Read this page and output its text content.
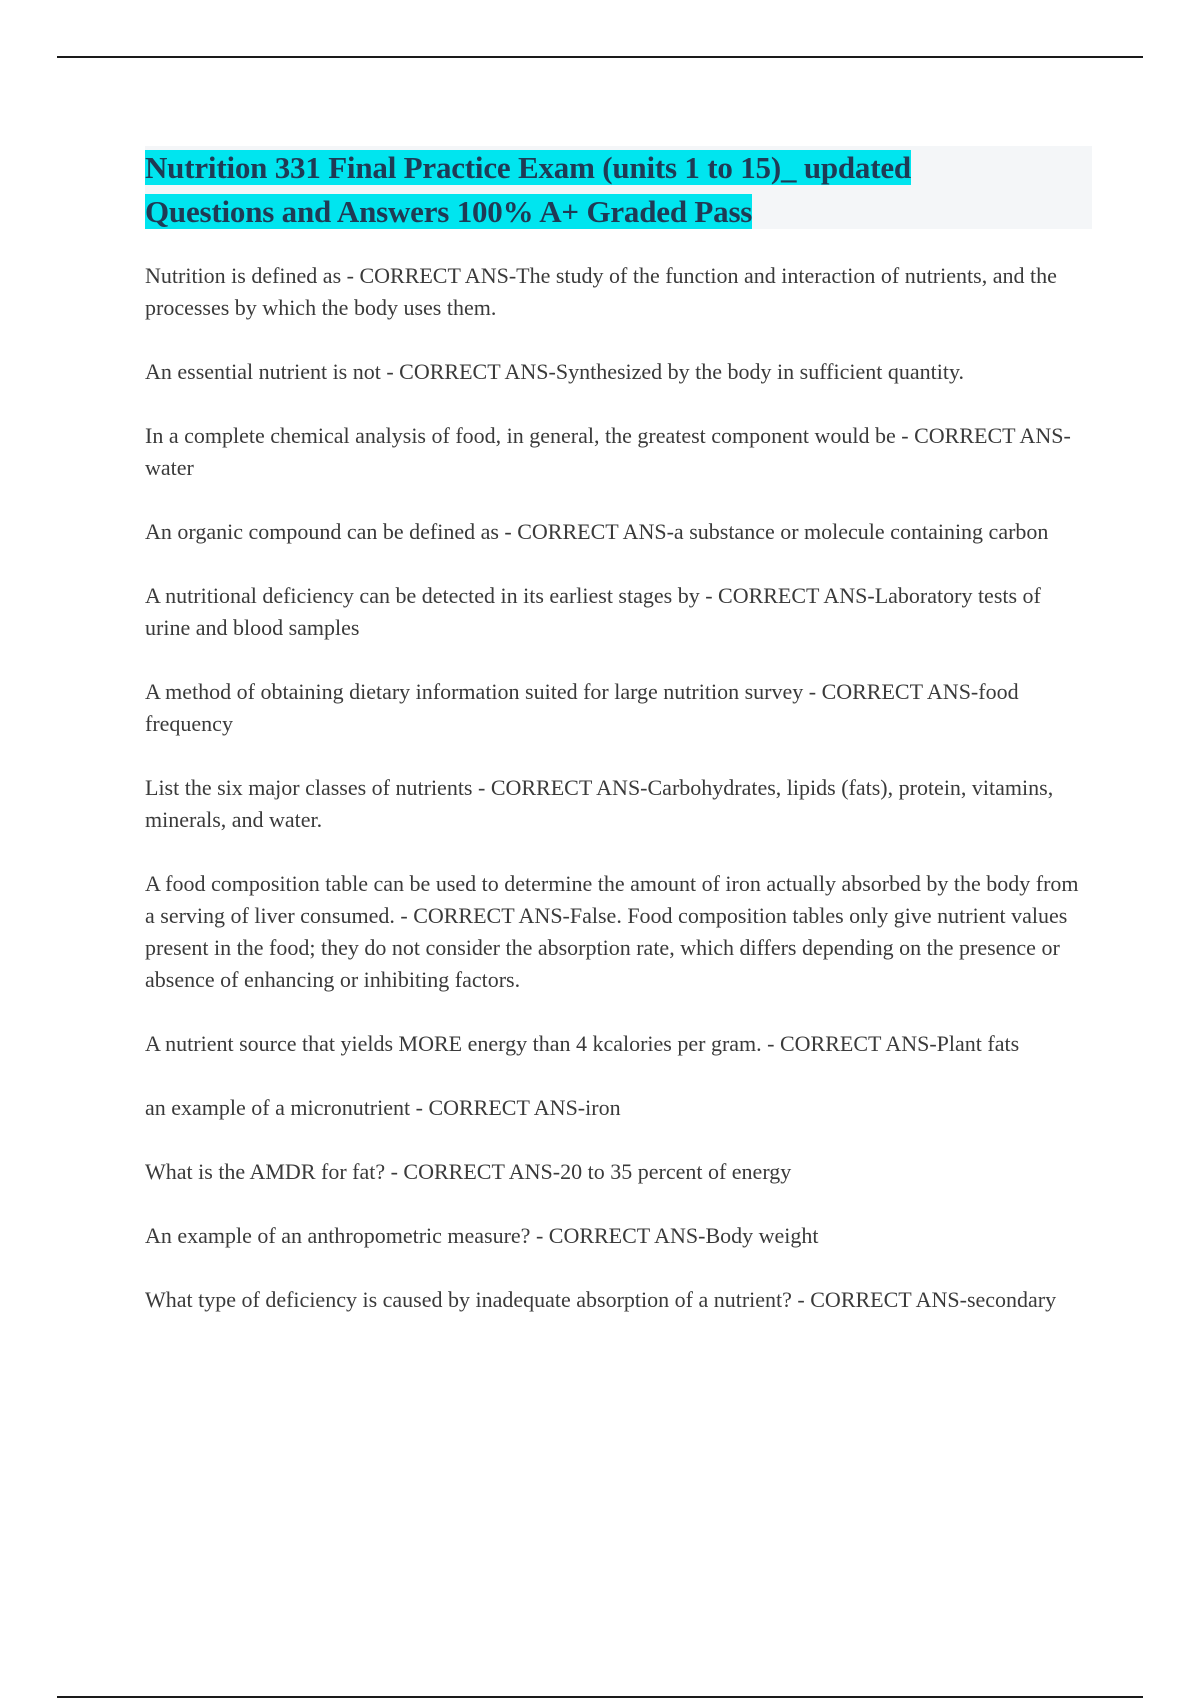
Nutrition 331 Final Practice Exam (units 1 to 15)_ updated
Questions and Answers 100% A+ Graded Pass

Nutrition is defined as - CORRECT ANS-The study of the function and interaction of nutrients, and the processes by which the body uses them.

An essential nutrient is not - CORRECT ANS-Synthesized by the body in sufficient quantity.

In a complete chemical analysis of food, in general, the greatest component would be - CORRECT ANS-water

An organic compound can be defined as - CORRECT ANS-a substance or molecule containing carbon

A nutritional deficiency can be detected in its earliest stages by - CORRECT ANS-Laboratory tests of urine and blood samples

A method of obtaining dietary information suited for large nutrition survey - CORRECT ANS-food frequency

List the six major classes of nutrients - CORRECT ANS-Carbohydrates, lipids (fats), protein, vitamins, minerals, and water.

A food composition table can be used to determine the amount of iron actually absorbed by the body from a serving of liver consumed. - CORRECT ANS-False. Food composition tables only give nutrient values present in the food; they do not consider the absorption rate, which differs depending on the presence or absence of enhancing or inhibiting factors.

A nutrient source that yields MORE energy than 4 kcalories per gram. - CORRECT ANS-Plant fats

an example of a micronutrient - CORRECT ANS-iron

What is the AMDR for fat? - CORRECT ANS-20 to 35 percent of energy

An example of an anthropometric measure? - CORRECT ANS-Body weight

What type of deficiency is caused by inadequate absorption of a nutrient? - CORRECT ANS-secondary
